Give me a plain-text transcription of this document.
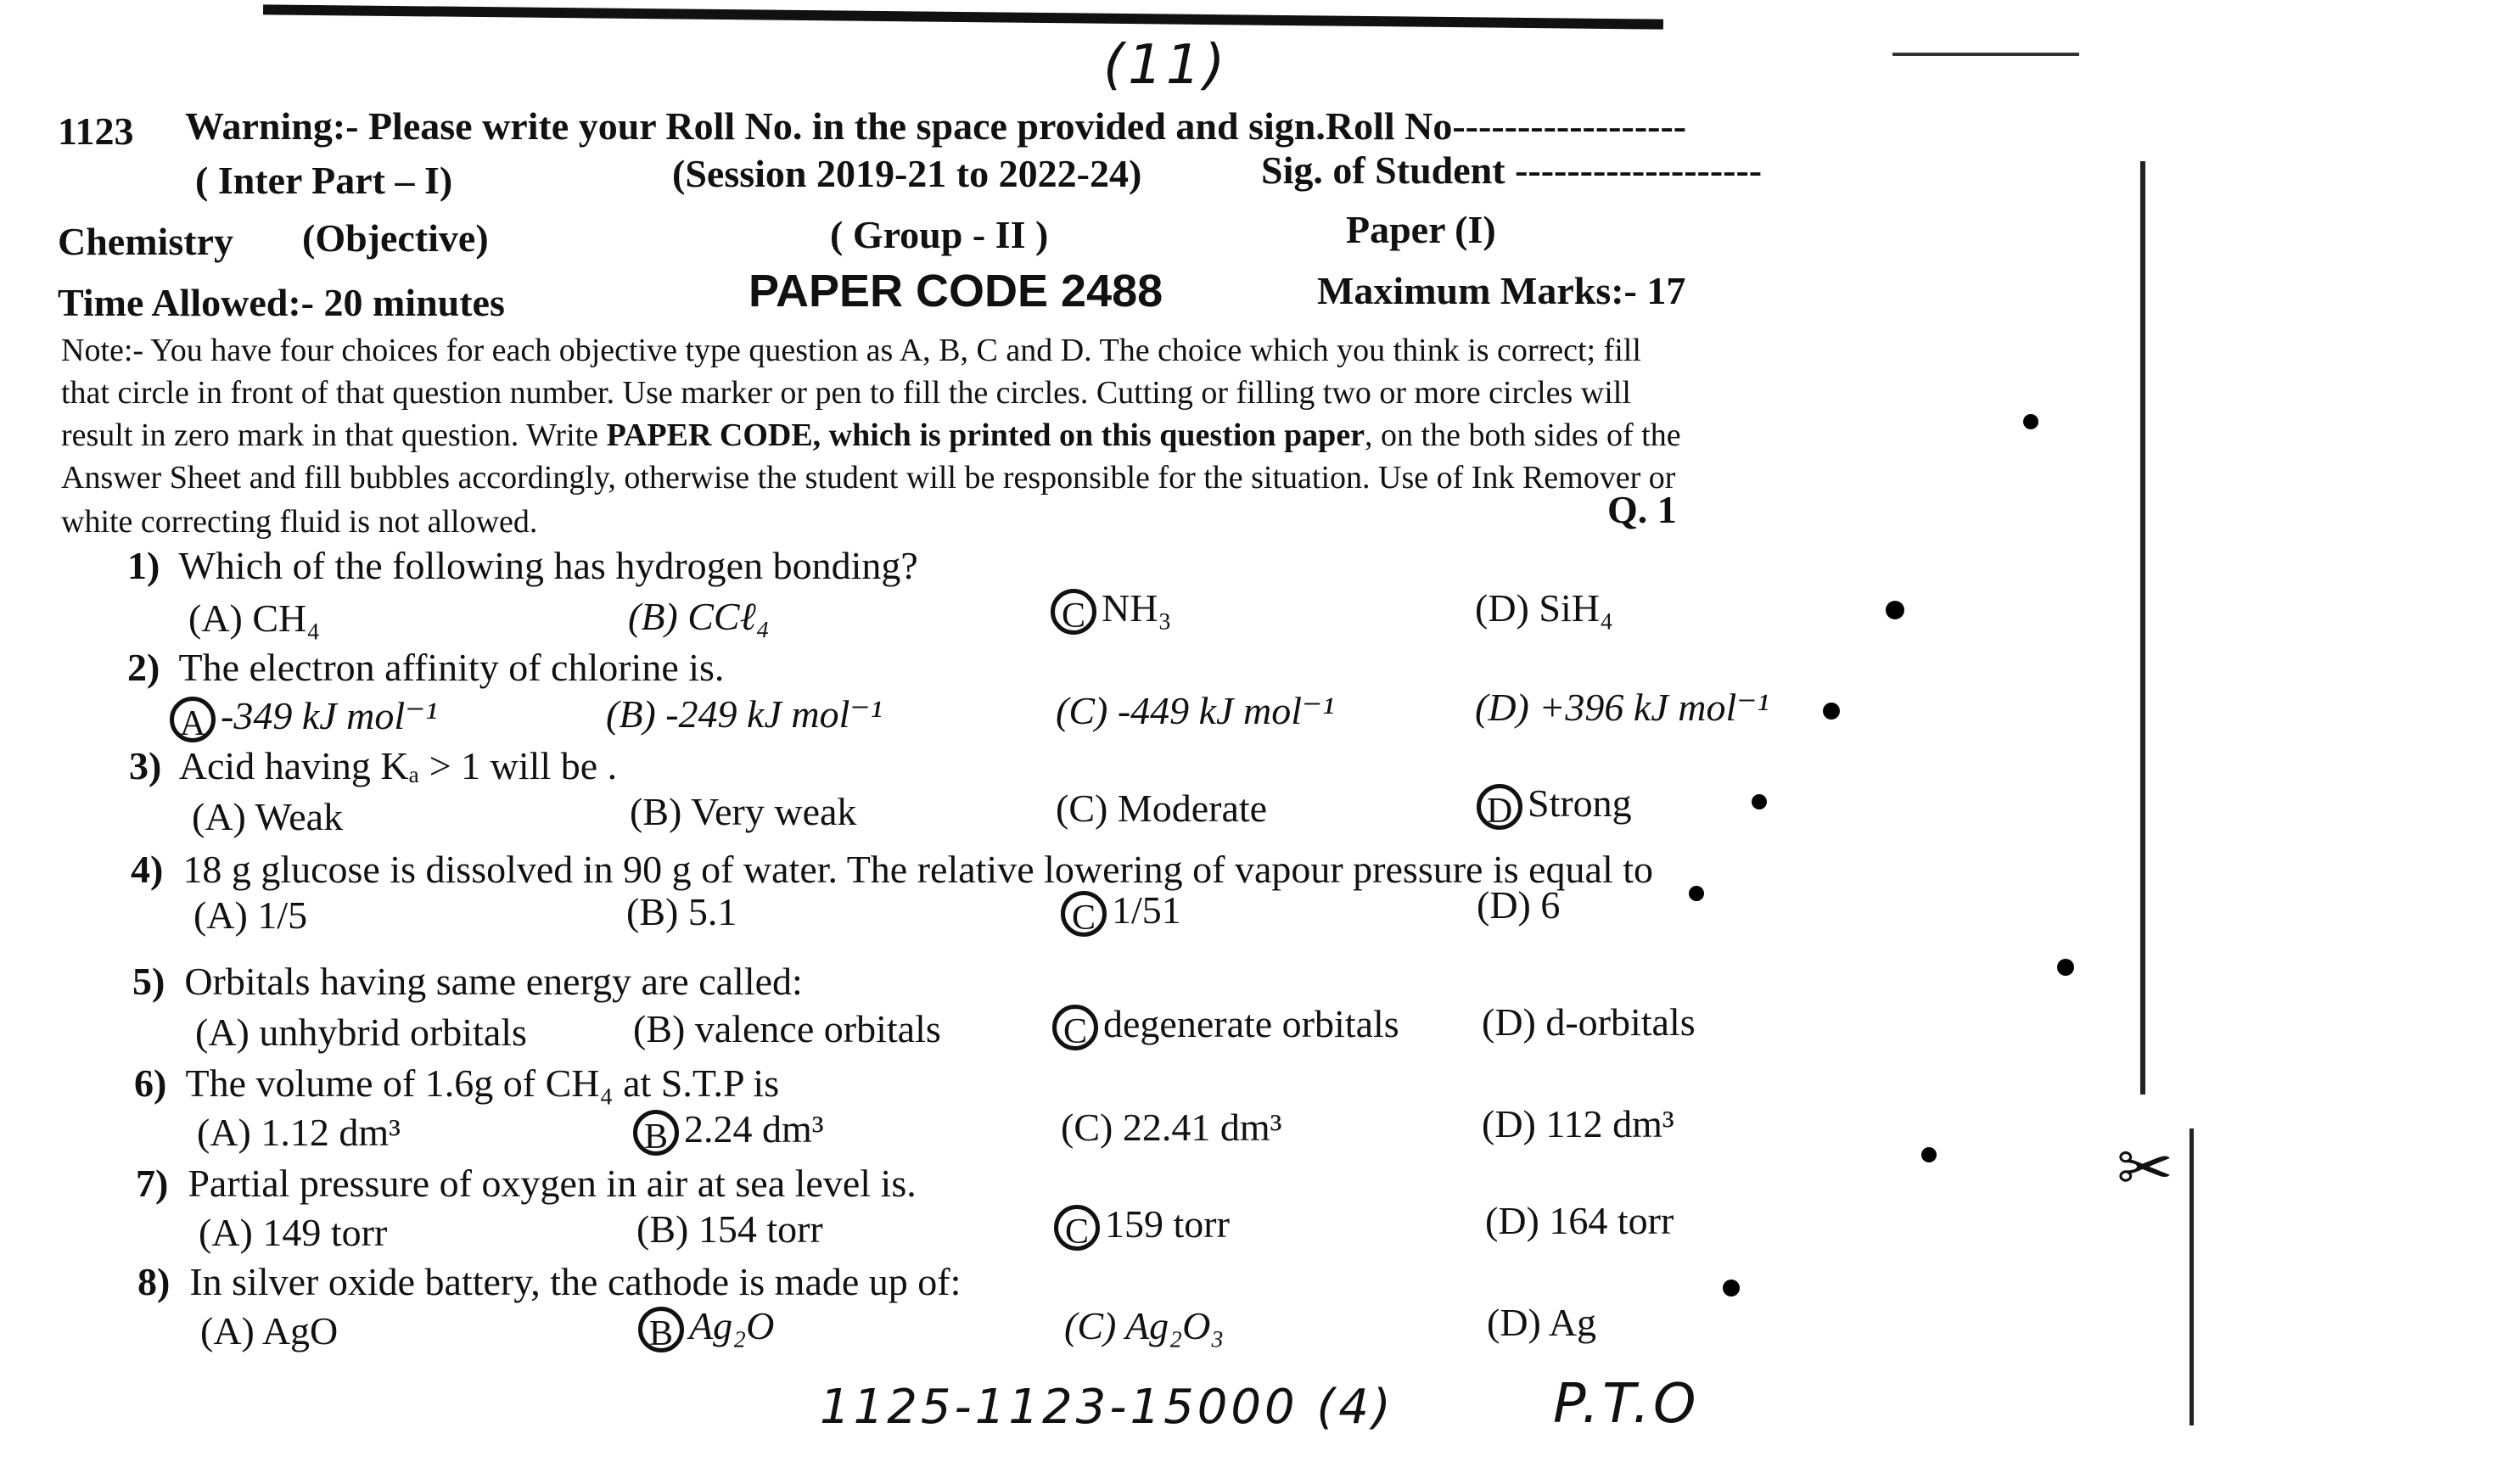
(11)
1123 Warning:- Please write your Roll No. in the space provided and sign.Roll No------------------
( Inter Part – I)	(Session 2019-21 to 2022-24)	Sig. of Student -------------------
Chemistry (Objective)	( Group - II )	Paper (I)
Time Allowed:- 20 minutes	PAPER CODE 2488	Maximum Marks:- 17
Note:- You have four choices for each objective type question as A, B, C and D. The choice which you think is correct; fill
that circle in front of that question number. Use marker or pen to fill the circles. Cutting or filling two or more circles will
result in zero mark in that question. Write PAPER CODE, which is printed on this question paper, on the both sides of the
Answer Sheet and fill bubbles accordingly, otherwise the student will be responsible for the situation. Use of Ink Remover or
white correcting fluid is not allowed.	Q. 1
1) Which of the following has hydrogen bonding?
(A) CH₄	(B) CCℓ₄	C NH₃	(D) SiH₄
2) The electron affinity of chlorine is.
A -349 kJ mol⁻¹	(B) -249 kJ mol⁻¹	(C) -449 kJ mol⁻¹	(D) +396 kJ mol⁻¹
3) Acid having Kₐ > 1 will be .
(A) Weak	(B) Very weak	(C) Moderate	D Strong
4) 18 g glucose is dissolved in 90 g of water. The relative lowering of vapour pressure is equal to
(A) 1/5	(B) 5.1	C 1/51	(D) 6
5) Orbitals having same energy are called:
(A) unhybrid orbitals	(B) valence orbitals	C degenerate orbitals (D) d-orbitals
6) The volume of 1.6g of CH₄ at S.T.P is
(A) 1.12 dm³	B 2.24 dm³	(C) 22.41 dm³	(D) 112 dm³
7) Partial pressure of oxygen in air at sea level is.
(A) 149 torr	(B) 154 torr	C 159 torr	(D) 164 torr
8) In silver oxide battery, the cathode is made up of:
(A) AgO	B Ag₂O	(C) Ag₂O₃	(D) Ag
1125-1123-15000 (4)	P.T.O
✂
